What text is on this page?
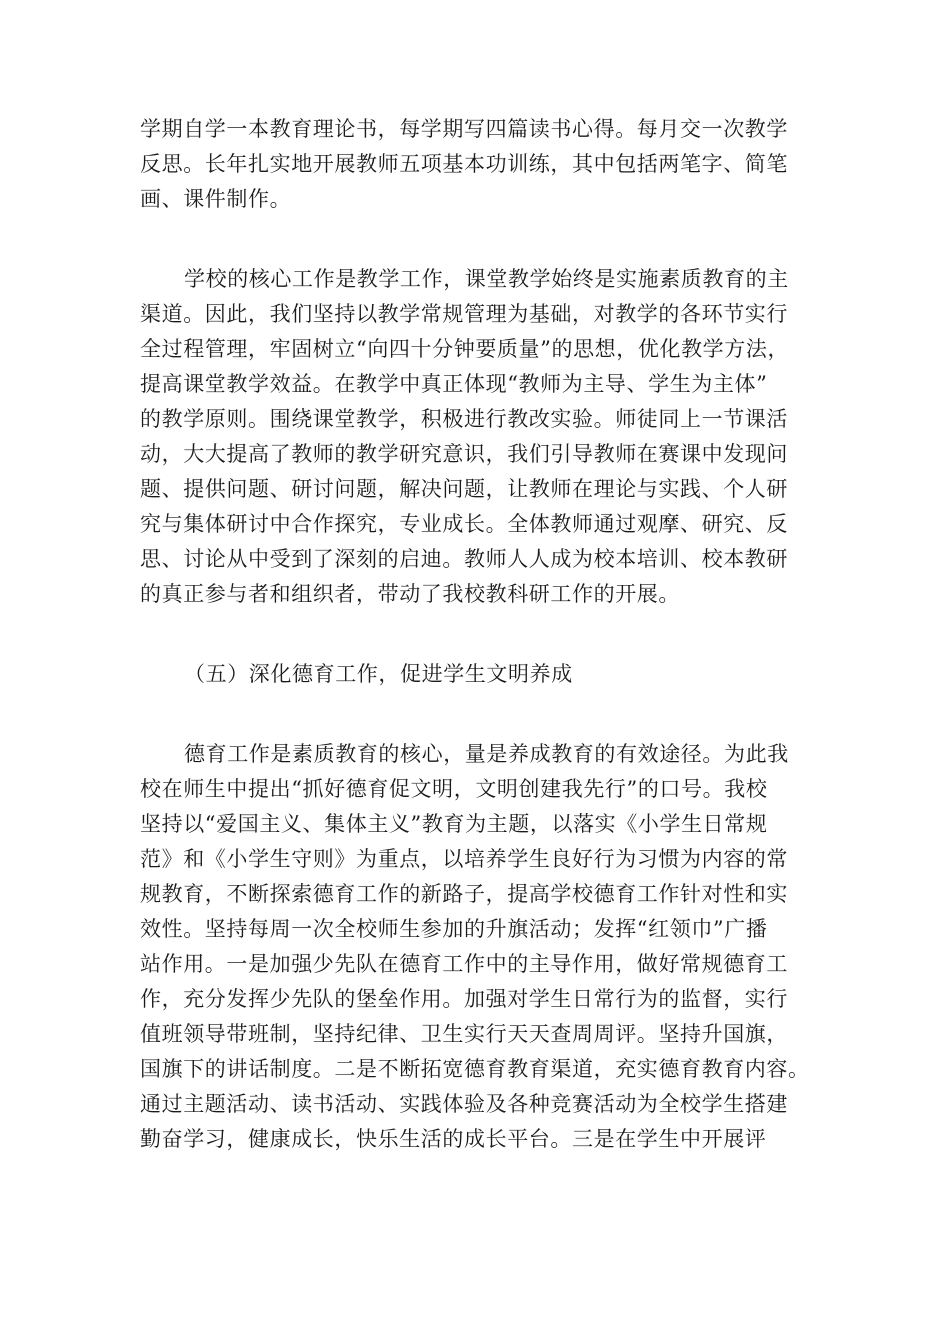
学期自学一本教育理论书，每学期写四篇读书心得。每月交一次教学
反思。长年扎实地开展教师五项基本功训练，其中包括两笔字、简笔
画、课件制作。
学校的核心工作是教学工作，课堂教学始终是实施素质教育的主
渠道。因此，我们坚持以教学常规管理为基础，对教学的各环节实行
全过程管理，牢固树立“向四十分钟要质量”的思想，优化教学方法，
提高课堂教学效益。在教学中真正体现“教师为主导、学生为主体”
的教学原则。围绕课堂教学，积极进行教改实验。师徒同上一节课活
动，大大提高了教师的教学研究意识，我们引导教师在赛课中发现问
题、提供问题、研讨问题，解决问题，让教师在理论与实践、个人研
究与集体研讨中合作探究，专业成长。全体教师通过观摩、研究、反
思、讨论从中受到了深刻的启迪。教师人人成为校本培训、校本教研
的真正参与者和组织者，带动了我校教科研工作的开展。
（五）深化德育工作，促进学生文明养成
德育工作是素质教育的核心，量是养成教育的有效途径。为此我
校在师生中提出“抓好德育促文明，文明创建我先行”的口号。我校
坚持以“爱国主义、集体主义”教育为主题，以落实《小学生日常规
范》和《小学生守则》为重点，以培养学生良好行为习惯为内容的常
规教育，不断探索德育工作的新路子，提高学校德育工作针对性和实
效性。坚持每周一次全校师生参加的升旗活动；发挥“红领巾”广播
站作用。一是加强少先队在德育工作中的主导作用，做好常规德育工
作，充分发挥少先队的堡垒作用。加强对学生日常行为的监督，实行
值班领导带班制，坚持纪律、卫生实行天天查周周评。坚持升国旗，
国旗下的讲话制度。二是不断拓宽德育教育渠道，充实德育教育内容。
通过主题活动、读书活动、实践体验及各种竞赛活动为全校学生搭建
勤奋学习，健康成长，快乐生活的成长平台。三是在学生中开展评
